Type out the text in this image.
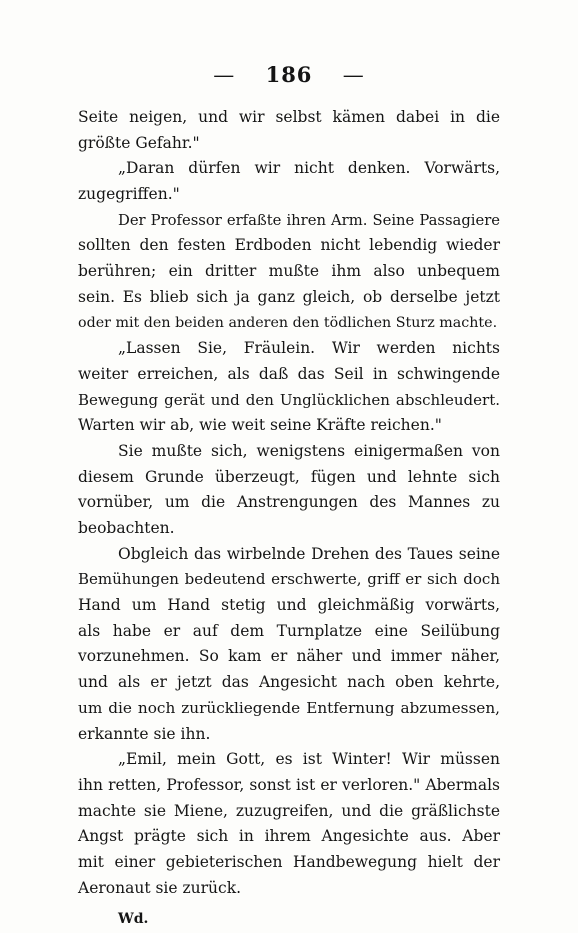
— 186 —
Seite neigen, und wir selbst kämen dabei in die
größte Gefahr."
„Daran dürfen wir nicht denken. Vorwärts,
zugegriffen."
Der Professor erfaßte ihren Arm. Seine Passagiere
sollten den festen Erdboden nicht lebendig wieder
berühren; ein dritter mußte ihm also unbequem
sein. Es blieb sich ja ganz gleich, ob derselbe jetzt
oder mit den beiden anderen den tödlichen Sturz machte.
„Lassen Sie, Fräulein. Wir werden nichts
weiter erreichen, als daß das Seil in schwingende
Bewegung gerät und den Unglücklichen abschleudert.
Warten wir ab, wie weit seine Kräfte reichen."
Sie mußte sich, wenigstens einigermaßen von
diesem Grunde überzeugt, fügen und lehnte sich
vornüber, um die Anstrengungen des Mannes zu
beobachten.
Obgleich das wirbelnde Drehen des Taues seine
Bemühungen bedeutend erschwerte, griff er sich doch
Hand um Hand stetig und gleichmäßig vorwärts,
als habe er auf dem Turnplatze eine Seilübung
vorzunehmen. So kam er näher und immer näher,
und als er jetzt das Angesicht nach oben kehrte,
um die noch zurückliegende Entfernung abzumessen,
erkannte sie ihn.
„Emil, mein Gott, es ist Winter! Wir müssen
ihn retten, Professor, sonst ist er verloren." Abermals
machte sie Miene, zuzugreifen, und die gräßlichste
Angst prägte sich in ihrem Angesichte aus. Aber
mit einer gebieterischen Handbewegung hielt der
Aeronaut sie zurück.
Wd.
